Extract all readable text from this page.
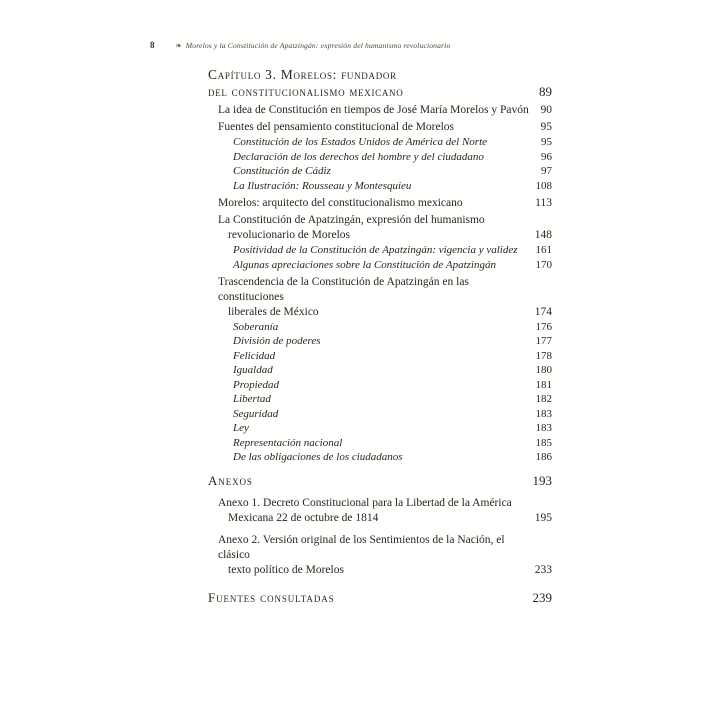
8	❧ Morelos y la Constitución de Apatzingán: expresión del humanismo revolucionario
Capítulo 3. Morelos: fundador
del constitucionalismo mexicano	89
La idea de Constitución en tiempos de José María Morelos y Pavón 90
Fuentes del pensamiento constitucional de Morelos	95
Constitución de los Estados Unidos de América del Norte	95
Declaración de los derechos del hombre y del ciudadano	96
Constitución de Cádiz	97
La Ilustración: Rousseau y Montesquieu	108
Morelos: arquitecto del constitucionalismo mexicano	113
La Constitución de Apatzingán, expresión del humanismo
revolucionario de Morelos	148
Positividad de la Constitución de Apatzingán: vigencia y validez	161
Algunas apreciaciones sobre la Constitución de Apatzingán	170
Trascendencia de la Constitución de Apatzingán en las constituciones
liberales de México	174
Soberanía	176
División de poderes	177
Felicidad	178
Igualdad	180
Propiedad	181
Libertad	182
Seguridad	183
Ley	183
Representación nacional	185
De las obligaciones de los ciudadanos	186
Anexos	193
Anexo 1. Decreto Constitucional para la Libertad de la América
Mexicana 22 de octubre de 1814	195
Anexo 2. Versión original de los Sentimientos de la Nación, el clásico
texto político de Morelos	233
Fuentes consultadas	239
